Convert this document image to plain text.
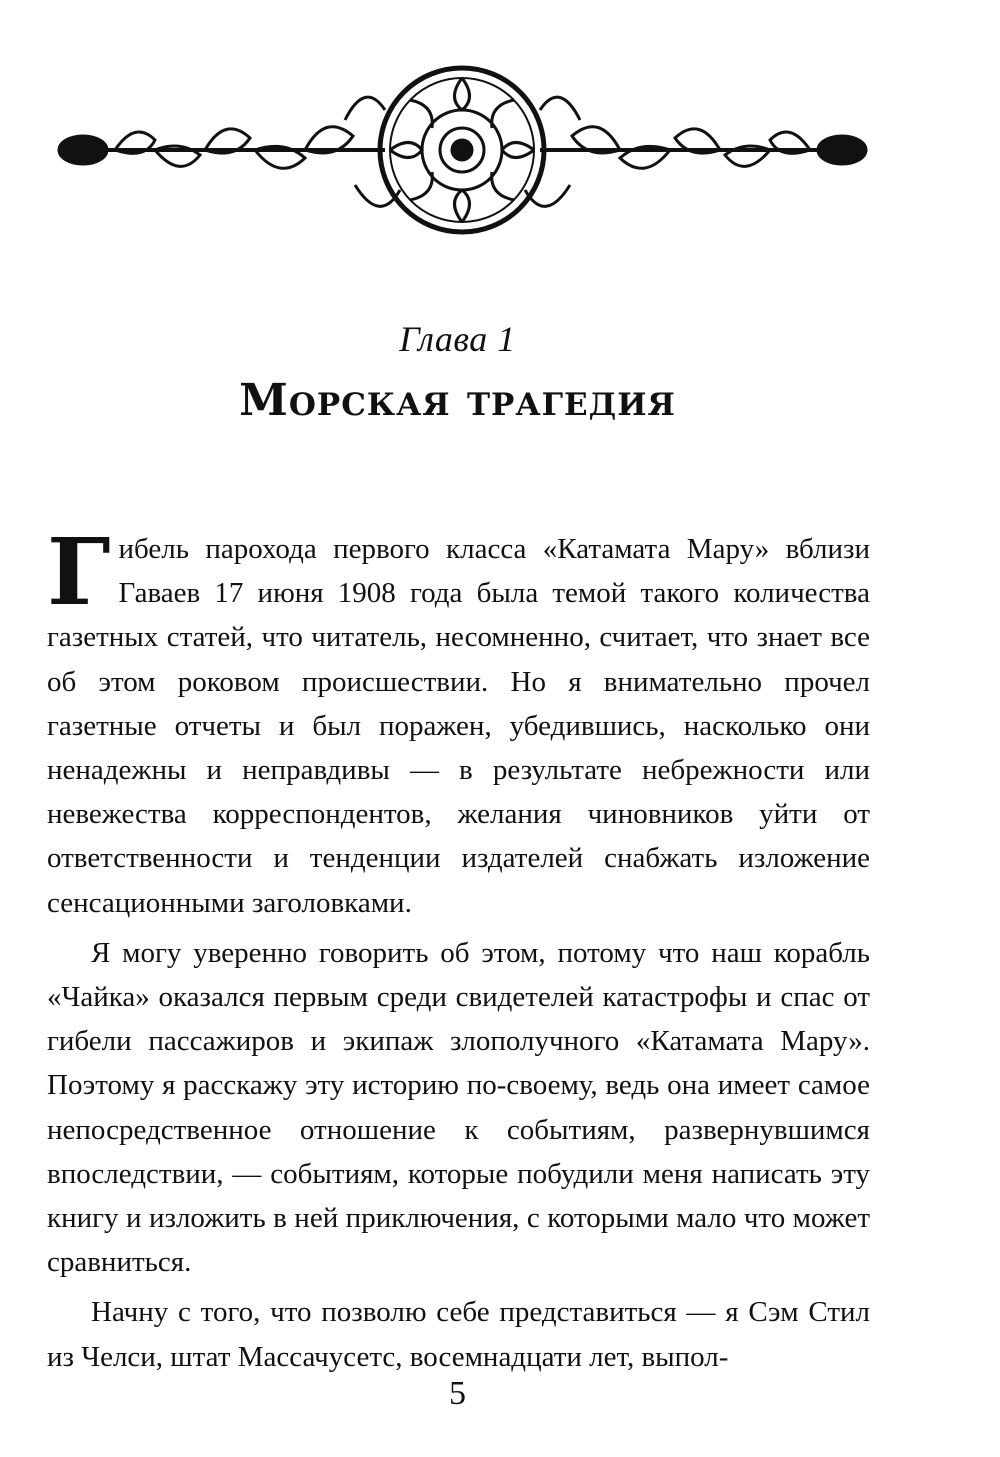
Глава 1
Морская трагедия

Гибель парохода первого класса «Катамата Мару» вблизи Гаваев 17 июня 1908 года была темой такого количества газетных статей, что читатель, несомненно, считает, что знает все об этом роковом происшествии. Но я внимательно прочел газетные отчеты и был поражен, убедившись, насколько они ненадежны и неправдивы — в результате небрежности или невежества корреспондентов, желания чиновников уйти от ответственности и тенденции издателей снабжать изложение сенсационными заголовками.

Я могу уверенно говорить об этом, потому что наш корабль «Чайка» оказался первым среди свидетелей катастрофы и спас от гибели пассажиров и экипаж злополучного «Катамата Мару». Поэтому я расскажу эту историю по-своему, ведь она имеет самое непосредственное отношение к событиям, развернувшимся впоследствии, — событиям, которые побудили меня написать эту книгу и изложить в ней приключения, с которыми мало что может сравниться.

Начну с того, что позволю себе представиться — я Сэм Стил из Челси, штат Массачусетс, восемнадцати лет, выпол-

5
